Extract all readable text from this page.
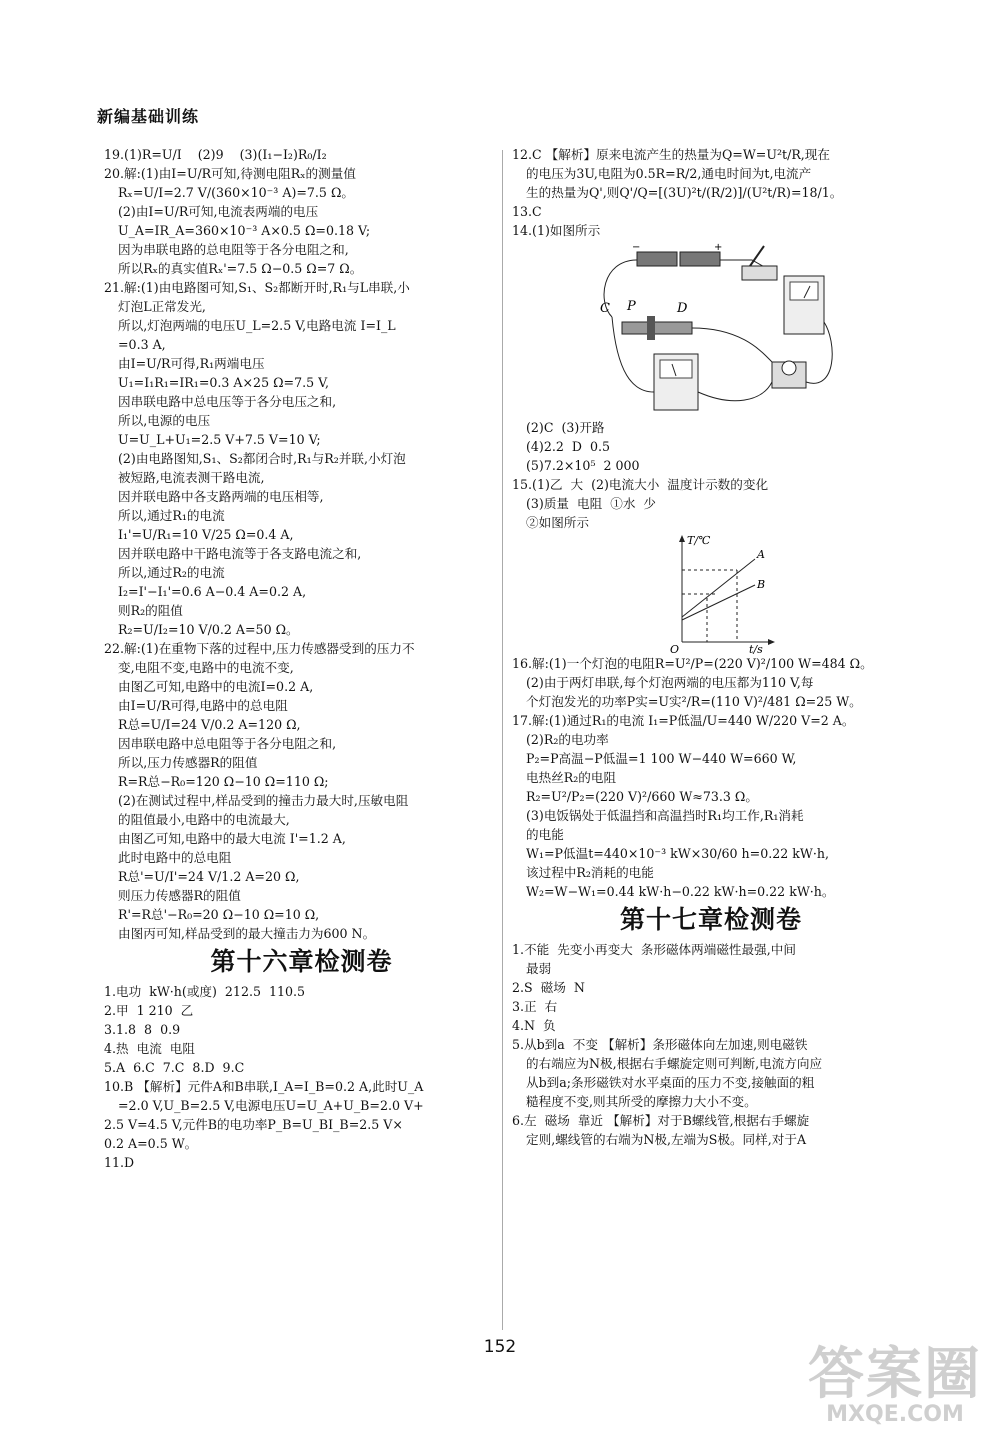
新编基础训练
19.(1)R=U/I    (2)9    (3)(I₁−I₂)R₀/I₂
20.解:(1)由I=U/R可知,待测电阻Rₓ的测量值
Rₓ=U/I=2.7 V/(360×10⁻³ A)=7.5 Ω。
(2)由I=U/R可知,电流表两端的电压
U_A=IR_A=360×10⁻³ A×0.5 Ω=0.18 V;
因为串联电路的总电阻等于各分电阻之和,
所以Rₓ的真实值Rₓ'=7.5 Ω−0.5 Ω=7 Ω。
21.解:(1)由电路图可知,S₁、S₂都断开时,R₁与L串联,小
灯泡L正常发光,
所以,灯泡两端的电压U_L=2.5 V,电路电流 I=I_L
=0.3 A,
由I=U/R可得,R₁两端电压
U₁=I₁R₁=IR₁=0.3 A×25 Ω=7.5 V,
因串联电路中总电压等于各分电压之和,
所以,电源的电压
U=U_L+U₁=2.5 V+7.5 V=10 V;
(2)由电路图知,S₁、S₂都闭合时,R₁与R₂并联,小灯泡
被短路,电流表测干路电流,
因并联电路中各支路两端的电压相等,
所以,通过R₁的电流
I₁'=U/R₁=10 V/25 Ω=0.4 A,
因并联电路中干路电流等于各支路电流之和,
所以,通过R₂的电流
I₂=I'−I₁'=0.6 A−0.4 A=0.2 A,
则R₂的阻值
R₂=U/I₂=10 V/0.2 A=50 Ω。
22.解:(1)在重物下落的过程中,压力传感器受到的压力不
变,电阻不变,电路中的电流不变,
由图乙可知,电路中的电流I=0.2 A,
由I=U/R可得,电路中的总电阻
R总=U/I=24 V/0.2 A=120 Ω,
因串联电路中总电阻等于各分电阻之和,
所以,压力传感器R的阻值
R=R总−R₀=120 Ω−10 Ω=110 Ω;
(2)在测试过程中,样品受到的撞击力最大时,压敏电阻
的阻值最小,电路中的电流最大,
由图乙可知,电路中的最大电流 I'=1.2 A,
此时电路中的总电阻
R总'=U/I'=24 V/1.2 A=20 Ω,
则压力传感器R的阻值
R'=R总'−R₀=20 Ω−10 Ω=10 Ω,
由图丙可知,样品受到的最大撞击力为600 N。
第十六章检测卷
1.电功  kW·h(或度)  212.5  110.5
2.甲  1 210  乙
3.1.8  8  0.9
4.热  电流  电阻
5.A  6.C  7.C  8.D  9.C
10.B 【解析】元件A和B串联,I_A=I_B=0.2 A,此时U_A
=2.0 V,U_B=2.5 V,电源电压U=U_A+U_B=2.0 V+
2.5 V=4.5 V,元件B的电功率P_B=U_BI_B=2.5 V×
0.2 A=0.5 W。
11.D
12.C 【解析】原来电流产生的热量为Q=W=U²t/R,现在
的电压为3U,电阻为0.5R=R/2,通电时间为t,电流产
生的热量为Q',则Q'/Q=[(3U)²t/(R/2)]/(U²t/R)=18/1。
13.C
14.(1)如图所示
−	+
C P	D
(2)C  (3)开路
(4)2.2  D  0.5
(5)7.2×10⁵  2 000
15.(1)乙  大  (2)电流大小  温度计示数的变化
(3)质量  电阻  ①水  少
②如图所示
T/℃
A
B
O	t/s
16.解:(1)一个灯泡的电阻R=U²/P=(220 V)²/100 W=484 Ω。
(2)由于两灯串联,每个灯泡两端的电压都为110 V,每
个灯泡发光的功率P实=U实²/R=(110 V)²/481 Ω=25 W。
17.解:(1)通过R₁的电流 I₁=P低温/U=440 W/220 V=2 A。
(2)R₂的电功率
P₂=P高温−P低温=1 100 W−440 W=660 W,
电热丝R₂的电阻
R₂=U²/P₂=(220 V)²/660 W≈73.3 Ω。
(3)电饭锅处于低温挡和高温挡时R₁均工作,R₁消耗
的电能
W₁=P低温t=440×10⁻³ kW×30/60 h=0.22 kW·h,
该过程中R₂消耗的电能
W₂=W−W₁=0.44 kW·h−0.22 kW·h=0.22 kW·h。
第十七章检测卷
1.不能  先变小再变大  条形磁体两端磁性最强,中间
最弱
2.S  磁场  N
3.正  右
4.N  负
5.从b到a  不变 【解析】条形磁体向左加速,则电磁铁
的右端应为N极,根据右手螺旋定则可判断,电流方向应
从b到a;条形磁铁对水平桌面的压力不变,接触面的粗
糙程度不变,则其所受的摩擦力大小不变。
6.左  磁场  靠近 【解析】对于B螺线管,根据右手螺旋
定则,螺线管的右端为N极,左端为S极。同样,对于A
152	答案圈
MXQE.COM
